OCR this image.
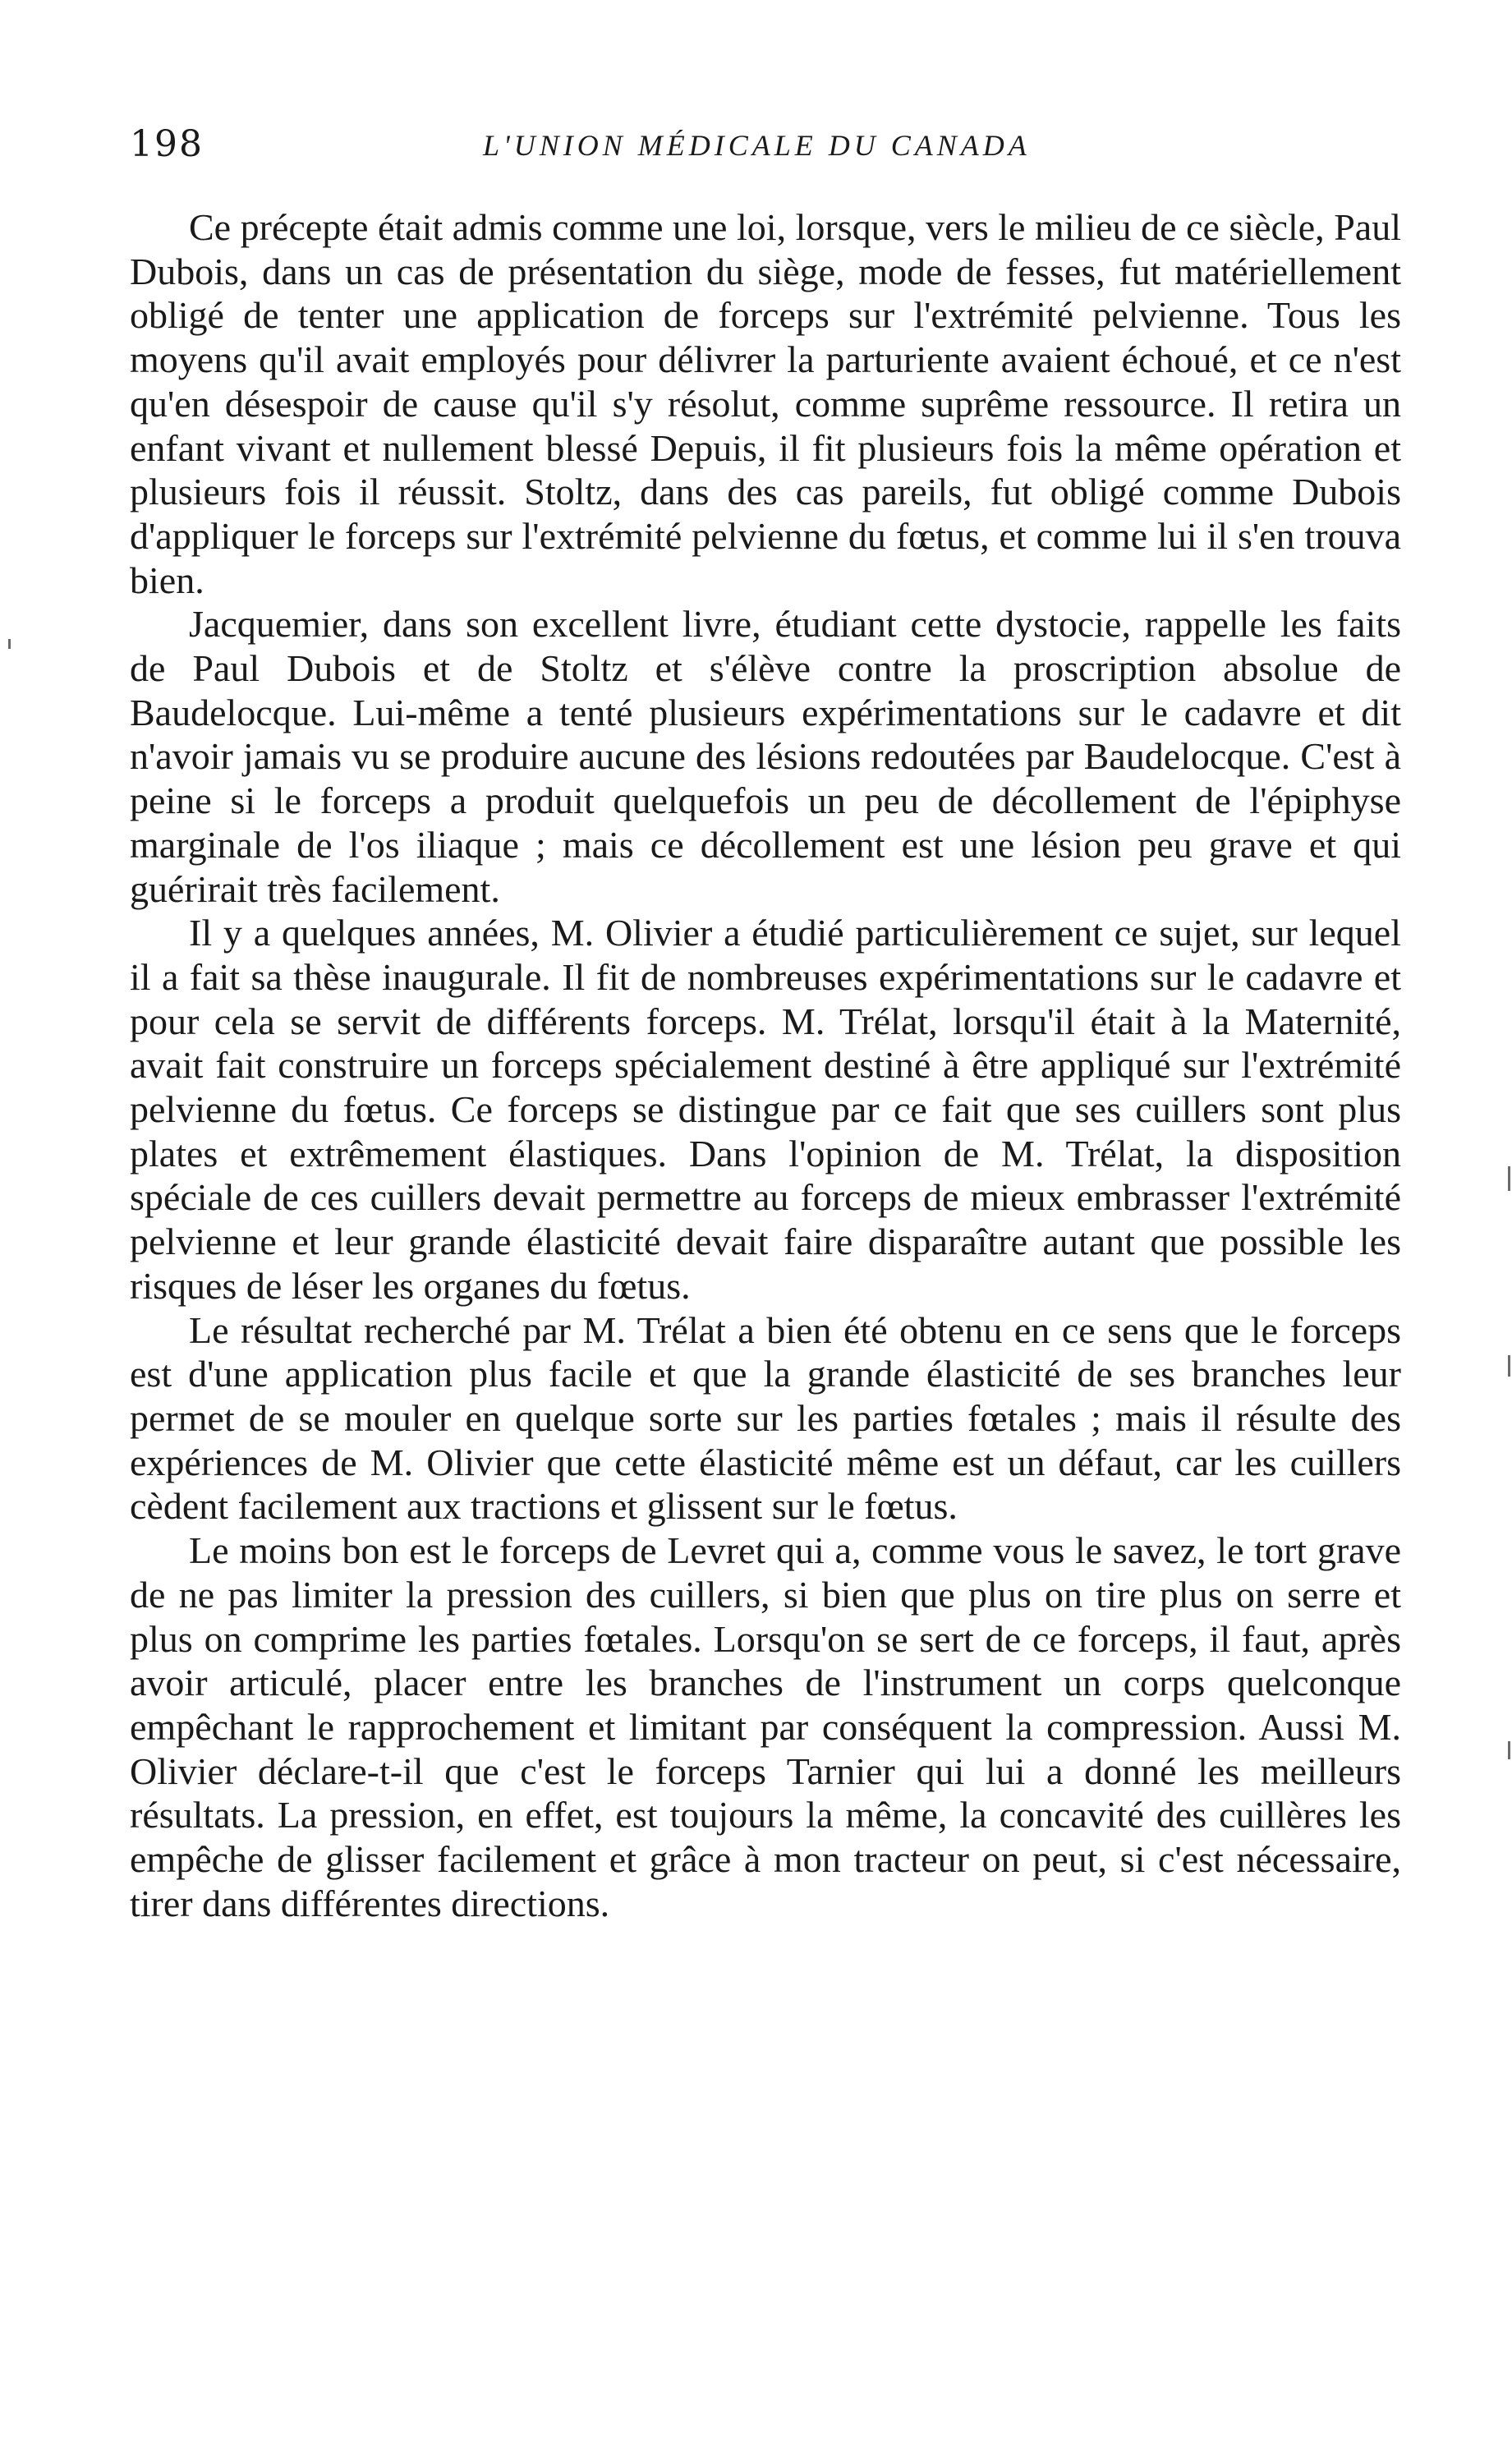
198	L'UNION MÉDICALE DU CANADA

Ce précepte était admis comme une loi, lorsque, vers le milieu de ce siècle, Paul Dubois, dans un cas de présentation du siège, mode de fesses, fut matériellement obligé de tenter une application de forceps sur l'extrémité pelvienne. Tous les moyens qu'il avait employés pour délivrer la parturiente avaient échoué, et ce n'est qu'en désespoir de cause qu'il s'y résolut, comme suprême ressource. Il retira un enfant vivant et nullement blessé Depuis, il fit plusieurs fois la même opération et plusieurs fois il réussit. Stoltz, dans des cas pareils, fut obligé comme Dubois d'appliquer le forceps sur l'extrémité pelvienne du fœtus, et comme lui il s'en trouva bien.

Jacquemier, dans son excellent livre, étudiant cette dystocie, rappelle les faits de Paul Dubois et de Stoltz et s'élève contre la proscription absolue de Baudelocque. Lui-même a tenté plusieurs expérimentations sur le cadavre et dit n'avoir jamais vu se produire aucune des lésions redoutées par Baudelocque. C'est à peine si le forceps a produit quelquefois un peu de décollement de l'épiphyse marginale de l'os iliaque ; mais ce décollement est une lésion peu grave et qui guérirait très facilement.

Il y a quelques années, M. Olivier a étudié particulièrement ce sujet, sur lequel il a fait sa thèse inaugurale. Il fit de nombreuses expérimentations sur le cadavre et pour cela se servit de différents forceps. M. Trélat, lorsqu'il était à la Maternité, avait fait construire un forceps spécialement destiné à être appliqué sur l'extrémité pelvienne du fœtus. Ce forceps se distingue par ce fait que ses cuillers sont plus plates et extrêmement élastiques. Dans l'opinion de M. Trélat, la disposition spéciale de ces cuillers devait permettre au forceps de mieux embrasser l'extrémité pelvienne et leur grande élasticité devait faire disparaître autant que possible les risques de léser les organes du fœtus.

Le résultat recherché par M. Trélat a bien été obtenu en ce sens que le forceps est d'une application plus facile et que la grande élasticité de ses branches leur permet de se mouler en quelque sorte sur les parties fœtales ; mais il résulte des expériences de M. Olivier que cette élasticité même est un défaut, car les cuillers cèdent facilement aux tractions et glissent sur le fœtus.

Le moins bon est le forceps de Levret qui a, comme vous le savez, le tort grave de ne pas limiter la pression des cuillers, si bien que plus on tire plus on serre et plus on comprime les parties fœtales. Lorsqu'on se sert de ce forceps, il faut, après avoir articulé, placer entre les branches de l'instrument un corps quelconque empêchant le rapprochement et limitant par conséquent la compression. Aussi M. Olivier déclare-t-il que c'est le forceps Tarnier qui lui a donné les meilleurs résultats. La pression, en effet, est toujours la même, la concavité des cuillères les empêche de glisser facilement et grâce à mon tracteur on peut, si c'est nécessaire, tirer dans différentes directions.
